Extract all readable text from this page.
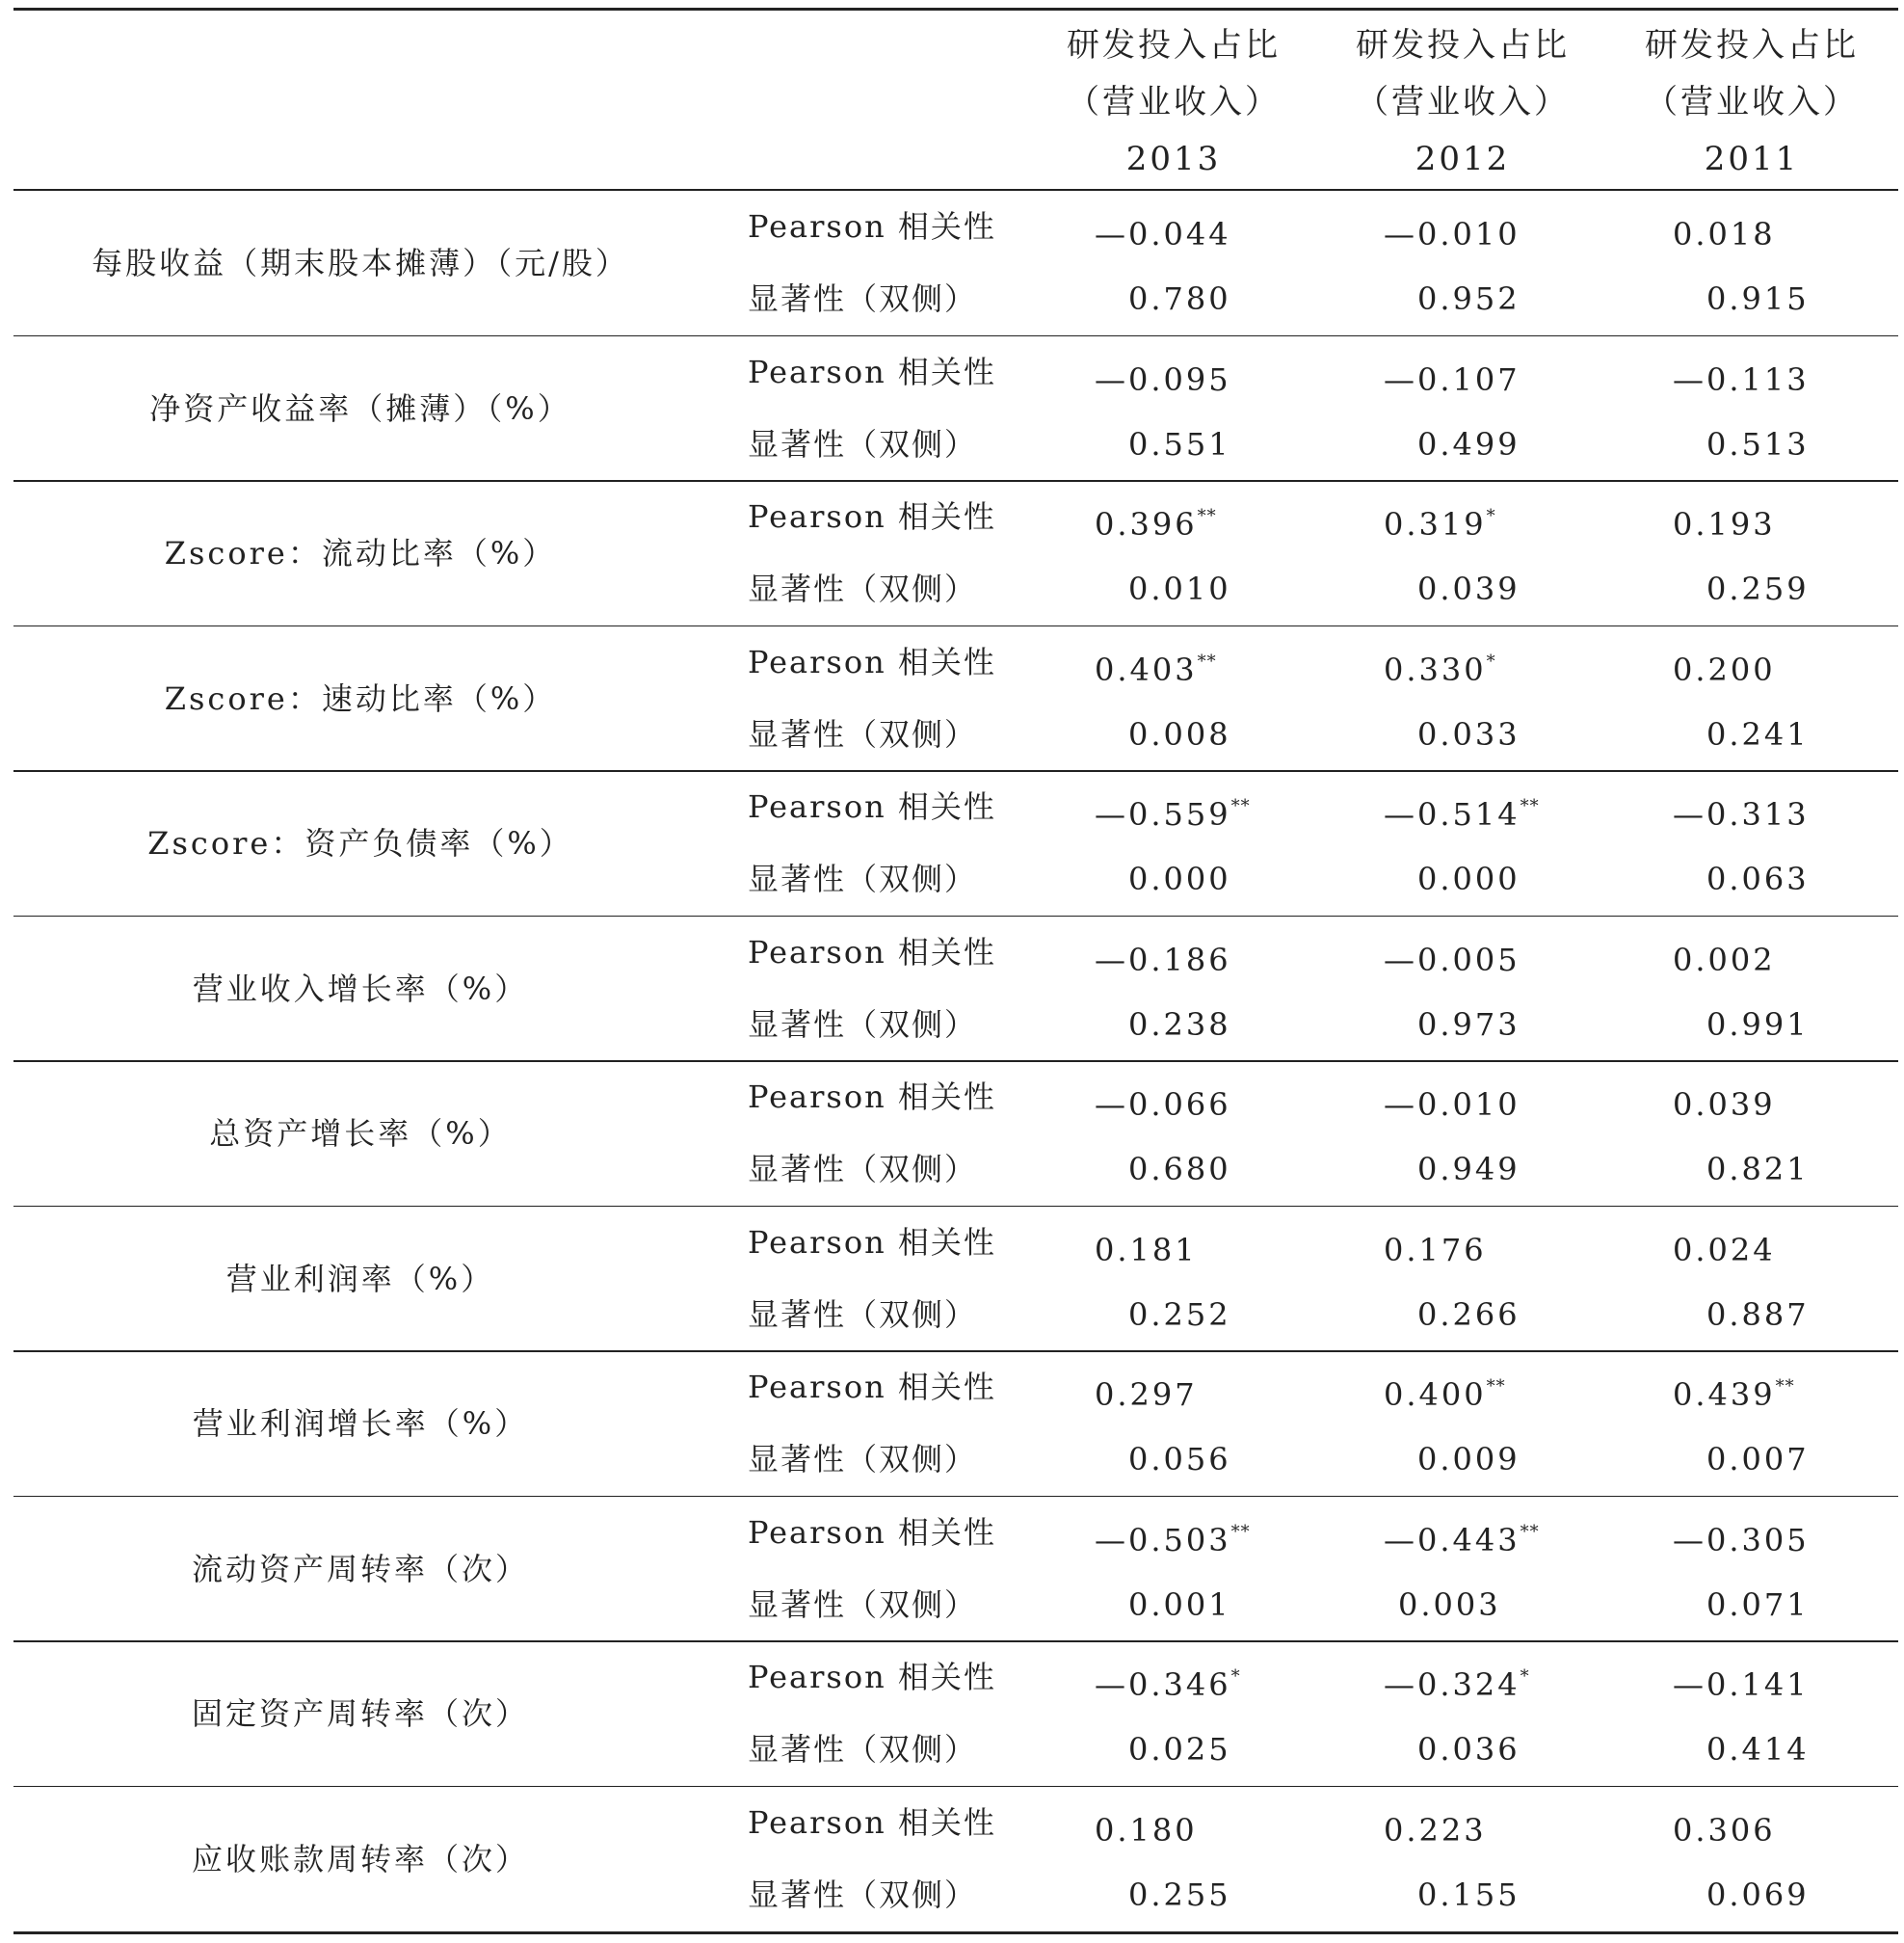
研发投入占比
（营业收入）
2013
研发投入占比
（营业收入）
2012
研发投入占比
（营业收入）
2011
每股收益（期末股本摊薄）（元/股）
Pearson 相关性
显著性（双侧）
—0.044
0.780
—0.010
0.952
0.018
0.915
净资产收益率（摊薄）（%）
Pearson 相关性
显著性（双侧）
—0.095
0.551
—0.107
0.499
—0.113
0.513
Zscore：流动比率（%）
Pearson 相关性
显著性（双侧）
0.396**
0.010
0.319*
0.039
0.193
0.259
Zscore：速动比率（%）
Pearson 相关性
显著性（双侧）
0.403**
0.008
0.330*
0.033
0.200
0.241
Zscore：资产负债率（%）
Pearson 相关性
显著性（双侧）
—0.559**
0.000
—0.514**
0.000
—0.313
0.063
营业收入增长率（%）
Pearson 相关性
显著性（双侧）
—0.186
0.238
—0.005
0.973
0.002
0.991
总资产增长率（%）
Pearson 相关性
显著性（双侧）
—0.066
0.680
—0.010
0.949
0.039
0.821
营业利润率（%）
Pearson 相关性
显著性（双侧）
0.181
0.252
0.176
0.266
0.024
0.887
营业利润增长率（%）
Pearson 相关性
显著性（双侧）
0.297
0.056
0.400**
0.009
0.439**
0.007
流动资产周转率（次）
Pearson 相关性
显著性（双侧）
—0.503**
0.001
—0.443**
0.003
—0.305
0.071
固定资产周转率（次）
Pearson 相关性
显著性（双侧）
—0.346*
0.025
—0.324*
0.036
—0.141
0.414
应收账款周转率（次）
Pearson 相关性
显著性（双侧）
0.180
0.255
0.223
0.155
0.306
0.069
